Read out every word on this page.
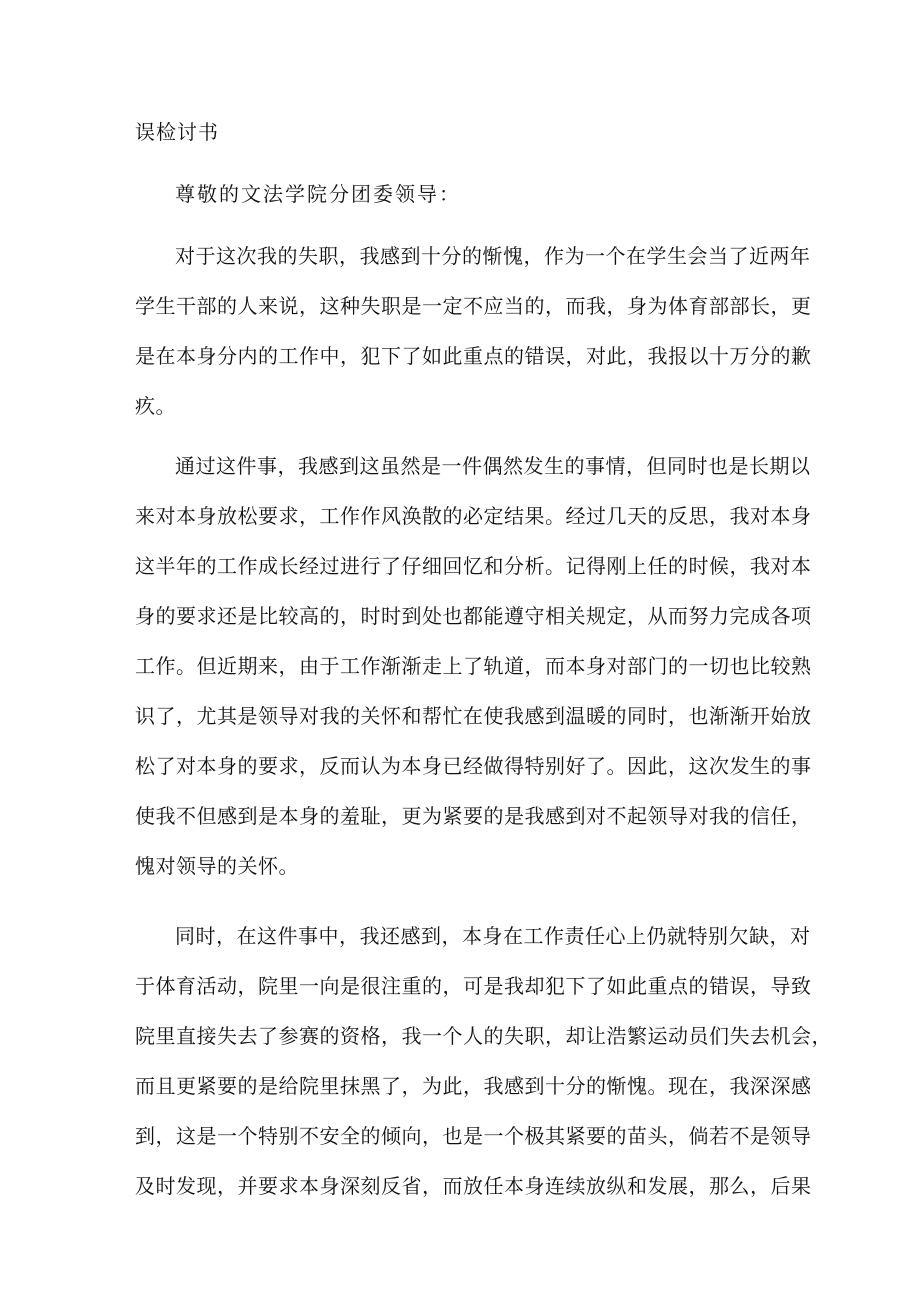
误检讨书
尊敬的文法学院分团委领导：
对于这次我的失职，我感到十分的惭愧，作为一个在学生会当了近两年
学生干部的人来说，这种失职是一定不应当的，而我，身为体育部部长，更
是在本身分内的工作中，犯下了如此重点的错误，对此，我报以十万分的歉
疚。
通过这件事，我感到这虽然是一件偶然发生的事情，但同时也是长期以
来对本身放松要求，工作作风涣散的必定结果。经过几天的反思，我对本身
这半年的工作成长经过进行了仔细回忆和分析。记得刚上任的时候，我对本
身的要求还是比较高的，时时到处也都能遵守相关规定，从而努力完成各项
工作。但近期来，由于工作渐渐走上了轨道，而本身对部门的一切也比较熟
识了，尤其是领导对我的关怀和帮忙在使我感到温暖的同时，也渐渐开始放
松了对本身的要求，反而认为本身已经做得特别好了。因此，这次发生的事
使我不但感到是本身的羞耻，更为紧要的是我感到对不起领导对我的信任，
愧对领导的关怀。
同时，在这件事中，我还感到，本身在工作责任心上仍就特别欠缺，对
于体育活动，院里一向是很注重的，可是我却犯下了如此重点的错误，导致
院里直接失去了参赛的资格，我一个人的失职，却让浩繁运动员们失去机会，
而且更紧要的是给院里抹黑了，为此，我感到十分的惭愧。现在，我深深感
到，这是一个特别不安全的倾向，也是一个极其紧要的苗头，倘若不是领导
及时发现，并要求本身深刻反省，而放任本身连续放纵和发展，那么，后果
